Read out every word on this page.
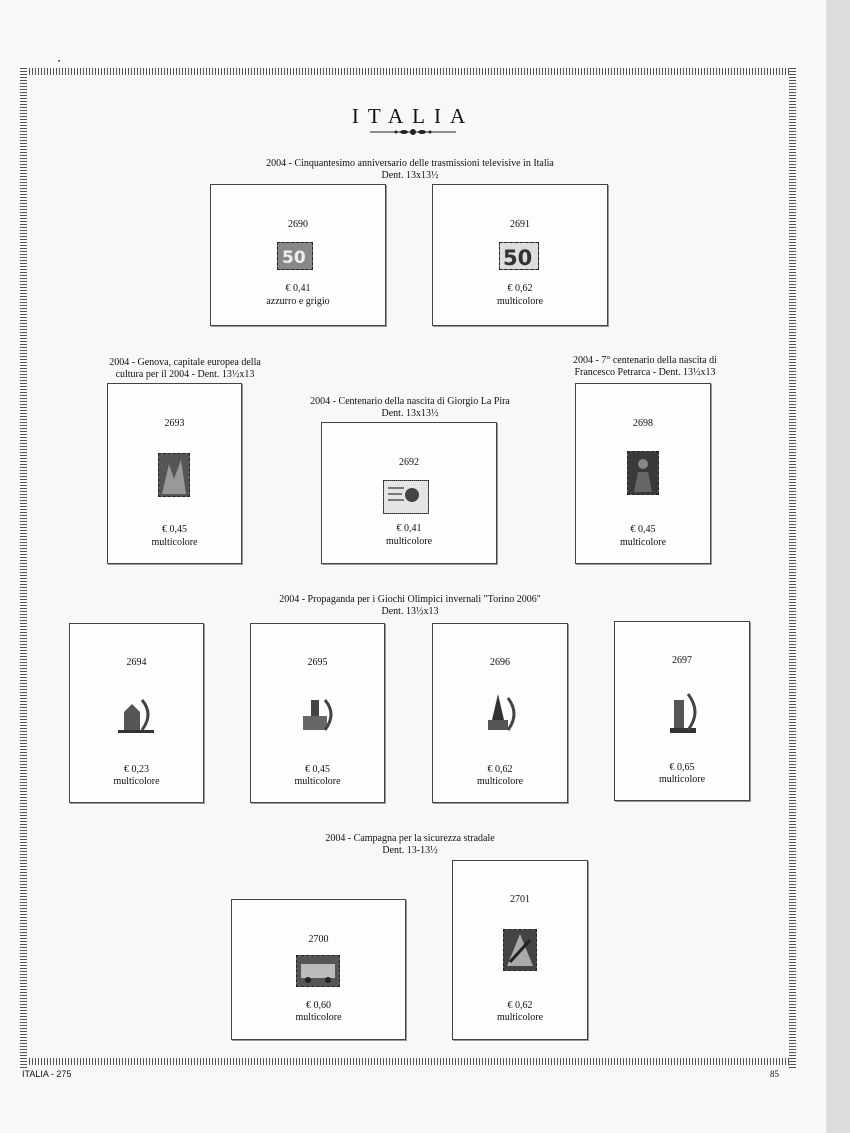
ITALIA
2004 - Cinquantesimo anniversario delle trasmissioni televisive in Italia
Dent. 13x13½
2690
50
€ 0,41
azzurro e grigio
2691
50
€ 0,62
multicolore
2004 - Genova, capitale europea della
cultura per il 2004 - Dent. 13½x13
2004 - Centenario della nascita di Giorgio La Pira
Dent. 13x13½
2004 - 7° centenario della nascita di
Francesco Petrarca - Dent. 13½x13
2693
€ 0,45
multicolore
2692
€ 0,41
multicolore
2698
€ 0,45
multicolore
2004 - Propaganda per i Giochi Olimpici invernali "Torino 2006"
Dent. 13½x13
2694
€ 0,23
multicolore
2695
€ 0,45
multicolore
2696
€ 0,62
multicolore
2697
€ 0,65
multicolore
2004 - Campagna per la sicurezza stradale
Dent. 13-13½
2700
€ 0,60
multicolore
2701
€ 0,62
multicolore
ITALIA - 275	85
